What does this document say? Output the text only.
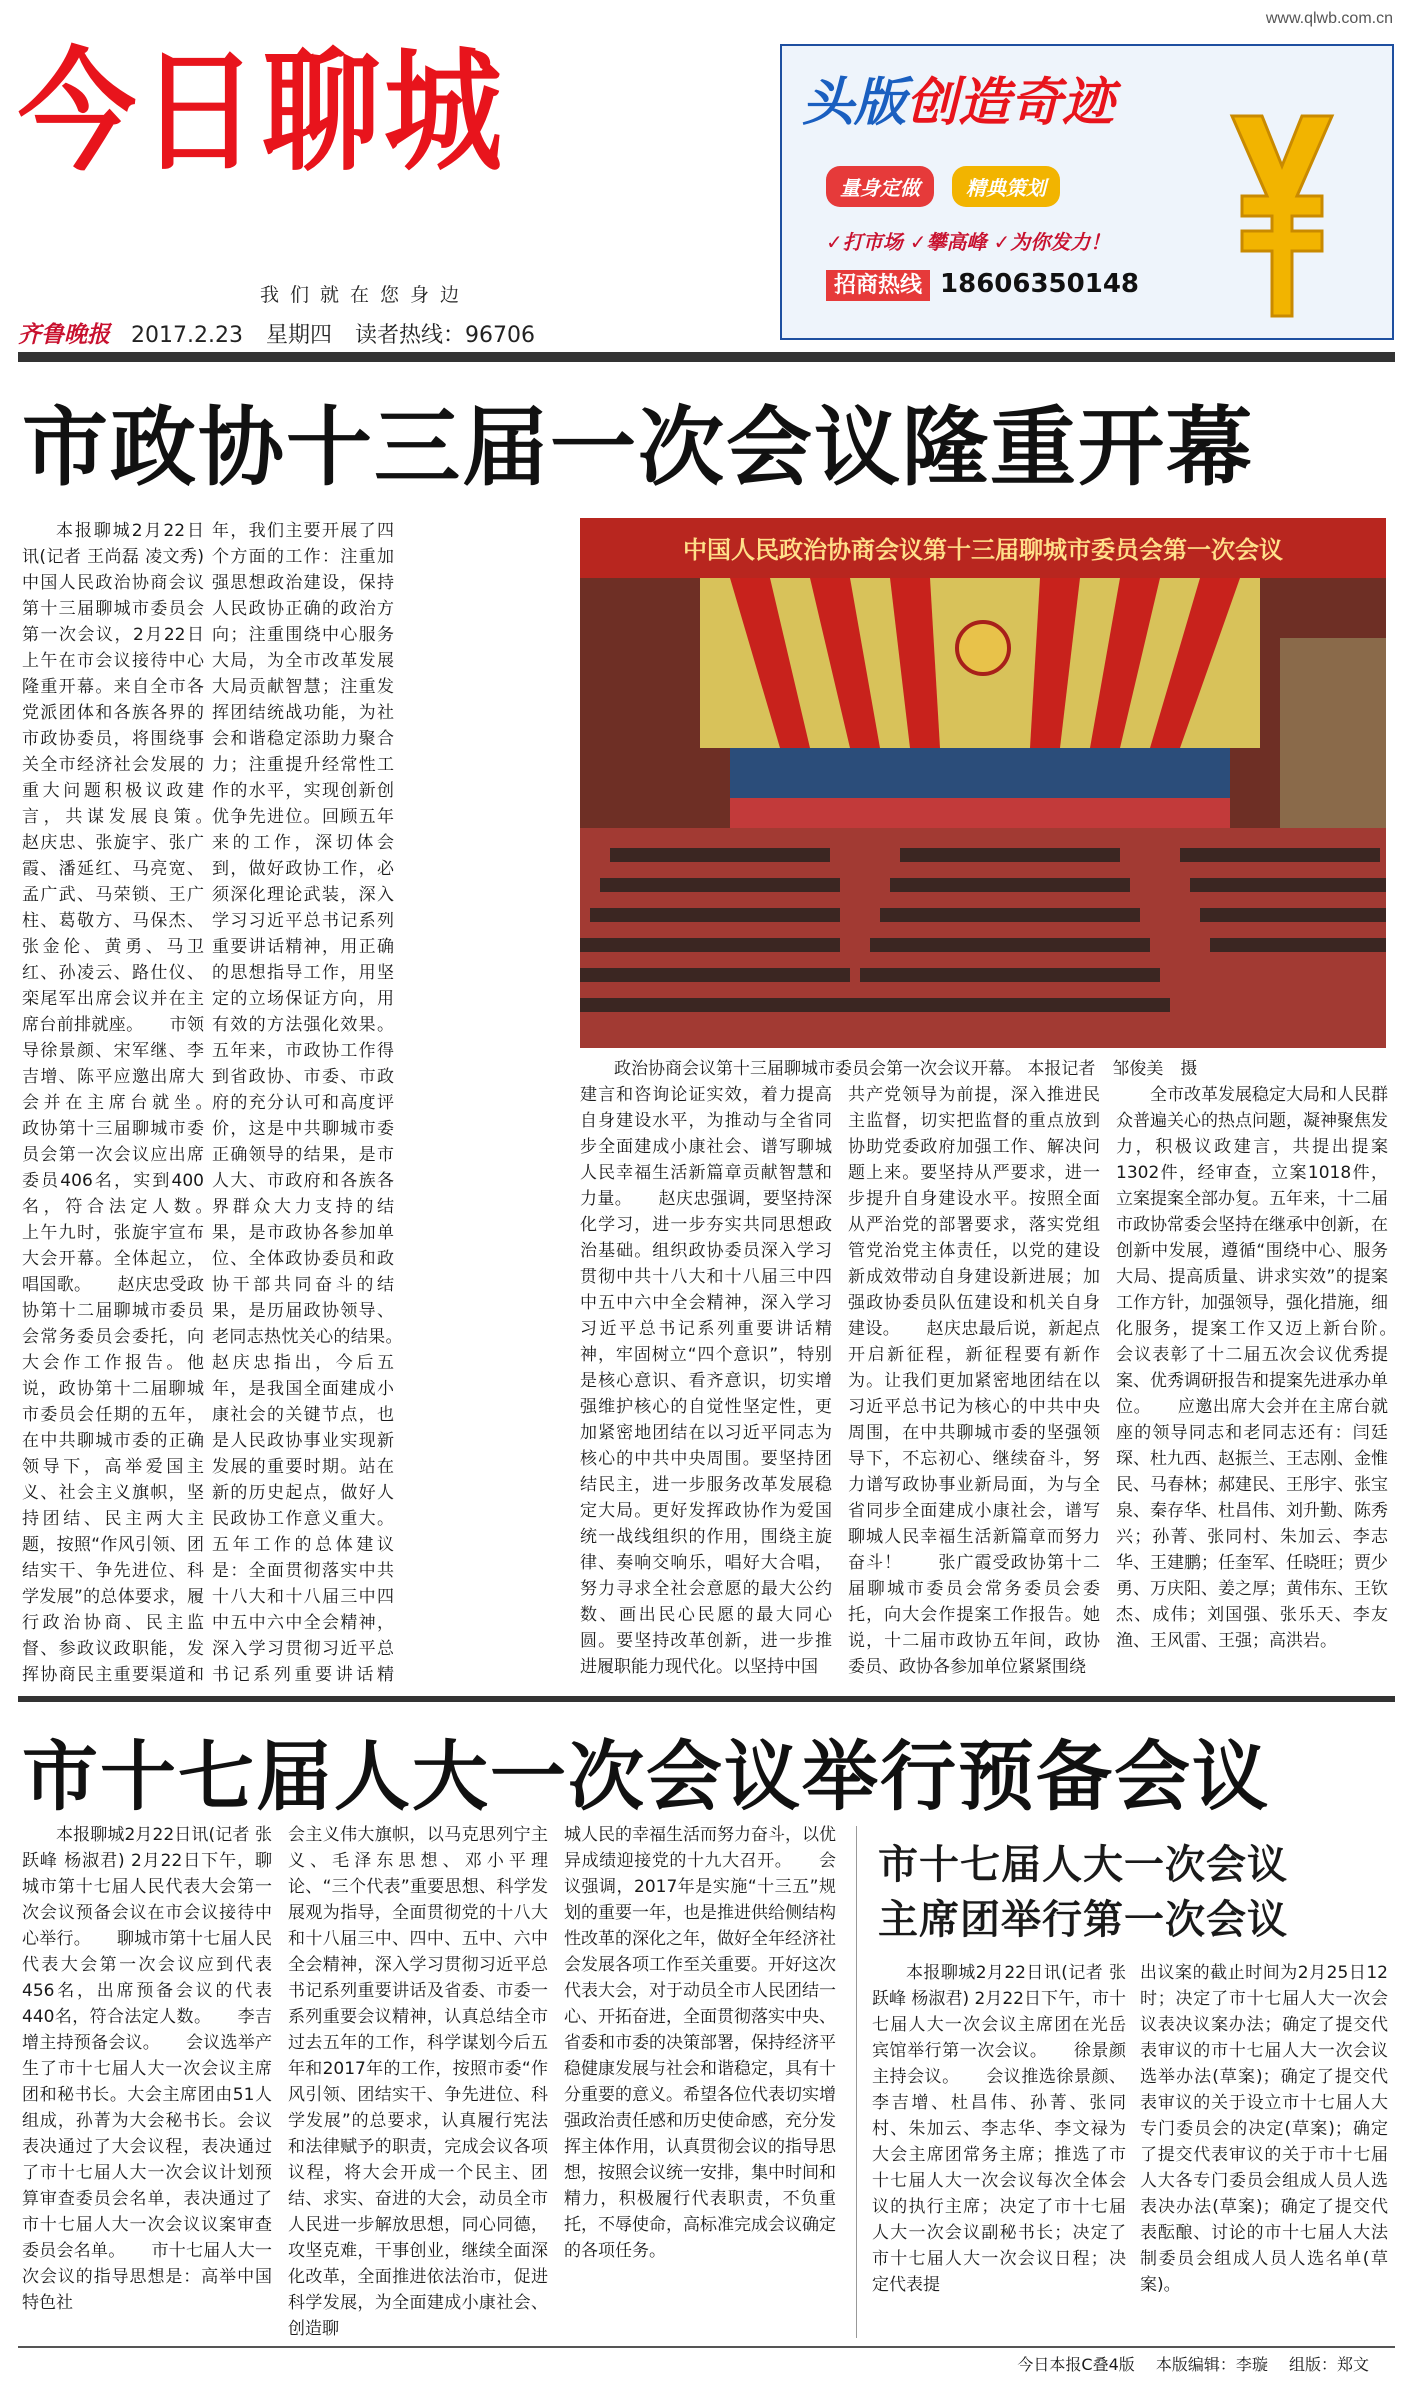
www.qlwb.com.cn
今日聊城
我们就在您身边
齐鲁晚报 2017.2.23 星期四 读者热线：96706
头版创造奇迹
量身定做	精典策划
✓打市场 ✓攀高峰 ✓为你发力！
招商热线 18606350148
市政协十三届一次会议隆重开幕

本报聊城2月22日讯(记者 王尚磊 凌文秀) 中国人民政治协商会议第十三届聊城市委员会第一次会议，2月22日上午在市会议接待中心隆重开幕。来自全市各党派团体和各族各界的市政协委员，将围绕事关全市经济社会发展的重大问题积极议政建言，共谋发展良策。　　赵庆忠、张旋宇、张广霞、潘延红、马亮宽、孟广武、马荣锁、王广柱、葛敬方、马保杰、张金伦、黄勇、马卫红、孙凌云、路仕仪、栾尾军出席会议并在主席台前排就座。　　市领导徐景颜、宋军继、李吉增、陈平应邀出席大会并在主席台就坐。　　政协第十三届聊城市委员会第一次会议应出席委员406名，实到400名，符合法定人数。　　上午九时，张旋宇宣布大会开幕。全体起立，唱国歌。　　赵庆忠受政协第十二届聊城市委员会常务委员会委托，向大会作工作报告。他说，政协第十二届聊城市委员会任期的五年，在中共聊城市委的正确领导下，高举爱国主义、社会主义旗帜，坚持团结、民主两大主题，按照“作风引领、团结实干、争先进位、科学发展”的总体要求，履行政治协商、民主监督、参政议政职能，发挥协商民主重要渠道和　　

年，我们主要开展了四个方面的工作：注重加强思想政治建设，保持人民政协正确的政治方向；注重围绕中心服务大局，为全市改革发展大局贡献智慧；注重发挥团结统战功能，为社会和谐稳定添助力聚合力；注重提升经常性工作的水平，实现创新创优争先进位。回顾五年来的工作，深切体会到，做好政协工作，必须深化理论武装，深入学习习近平总书记系列重要讲话精神，用正确的思想指导工作，用坚定的立场保证方向，用有效的方法强化效果。五年来，市政协工作得到省政协、市委、市政府的充分认可和高度评价，这是中共聊城市委正确领导的结果，是市人大、市政府和各族各界群众大力支持的结果，是市政协各参加单位、全体政协委员和政协干部共同奋斗的结果，是历届政协领导、老同志热忱关心的结果。　　赵庆忠指出，今后五年，是我国全面建成小康社会的关键节点，也是人民政协事业实现新发展的重要时期。站在新的历史起点，做好人民政协工作意义重大。五年工作的总体建议是：全面贯彻落实中共十八大和十八届三中四中五中六中全会精神，深入学习贯彻习近平总书记系列重要讲话精

中国人民政治协商会议第十三届聊城市委员会第一次会议
政治协商会议第十三届聊城市委员会第一次会议开幕。 本报记者　邹俊美　摄

建言和咨询论证实效，着力提高自身建设水平，为推动与全省同步全面建成小康社会、谱写聊城人民幸福生活新篇章贡献智慧和力量。　　赵庆忠强调，要坚持深化学习，进一步夯实共同思想政治基础。组织政协委员深入学习贯彻中共十八大和十八届三中四中五中六中全会精神，深入学习习近平总书记系列重要讲话精神，牢固树立“四个意识”，特别是核心意识、看齐意识，切实增强维护核心的自觉性坚定性，更加紧密地团结在以习近平同志为核心的中共中央周围。要坚持团结民主，进一步服务改革发展稳定大局。更好发挥政协作为爱国统一战线组织的作用，围绕主旋律、奏响交响乐，唱好大合唱，努力寻求全社会意愿的最大公约数、画出民心民愿的最大同心圆。要坚持改革创新，进一步推进履职能力现代化。以坚持中国

共产党领导为前提，深入推进民主监督，切实把监督的重点放到协助党委政府加强工作、解决问题上来。要坚持从严要求，进一步提升自身建设水平。按照全面从严治党的部署要求，落实党组管党治党主体责任，以党的建设新成效带动自身建设新进展；加强政协委员队伍建设和机关自身建设。　　赵庆忠最后说，新起点开启新征程，新征程要有新作为。让我们更加紧密地团结在以习近平总书记为核心的中共中央周围，在中共聊城市委的坚强领导下，不忘初心、继续奋斗，努力谱写政协事业新局面，为与全省同步全面建成小康社会，谱写聊城人民幸福生活新篇章而努力奋斗！　　张广霞受政协第十二届聊城市委员会常务委员会委托，向大会作提案工作报告。她说，十二届市政协五年间，政协委员、政协各参加单位紧紧围绕

全市改革发展稳定大局和人民群众普遍关心的热点问题，凝神聚焦发力，积极议政建言，共提出提案1302件，经审查，立案1018件，立案提案全部办复。五年来，十二届市政协常委会坚持在继承中创新，在创新中发展，遵循“围绕中心、服务大局、提高质量、讲求实效”的提案工作方针，加强领导，强化措施，细化服务，提案工作又迈上新台阶。　　会议表彰了十二届五次会议优秀提案、优秀调研报告和提案先进承办单位。　　应邀出席大会并在主席台就座的领导同志和老同志还有：闫廷琛、杜九西、赵振兰、王志刚、金惟民、马春林；郝建民、王彤宇、张宝泉、秦存华、杜昌伟、刘升勤、陈秀兴；孙菁、张同村、朱加云、李志华、王建鹏；任奎军、任晓旺；贾少勇、万庆阳、姜之厚；黄伟东、王钦杰、成伟；刘国强、张乐天、李友渔、王风雷、王强；高洪岩。

市十七届人大一次会议举行预备会议

本报聊城2月22日讯(记者 张跃峰 杨淑君) 2月22日下午，聊城市第十七届人民代表大会第一次会议预备会议在市会议接待中心举行。　　聊城市第十七届人民代表大会第一次会议应到代表456名，出席预备会议的代表440名，符合法定人数。　　李吉增主持预备会议。　　会议选举产生了市十七届人大一次会议主席团和秘书长。大会主席团由51人组成，孙菁为大会秘书长。会议表决通过了大会议程，表决通过了市十七届人大一次会议计划预算审查委员会名单，表决通过了市十七届人大一次会议议案审查委员会名单。　　市十七届人大一次会议的指导思想是：高举中国特色社

会主义伟大旗帜，以马克思列宁主义、毛泽东思想、邓小平理论、“三个代表”重要思想、科学发展观为指导，全面贯彻党的十八大和十八届三中、四中、五中、六中全会精神，深入学习贯彻习近平总书记系列重要讲话及省委、市委一系列重要会议精神，认真总结全市过去五年的工作，科学谋划今后五年和2017年的工作，按照市委“作风引领、团结实干、争先进位、科学发展”的总要求，认真履行宪法和法律赋予的职责，完成会议各项议程，将大会开成一个民主、团结、求实、奋进的大会，动员全市人民进一步解放思想，同心同德，攻坚克难，干事创业，继续全面深化改革，全面推进依法治市，促进科学发展，为全面建成小康社会、创造聊

城人民的幸福生活而努力奋斗，以优异成绩迎接党的十九大召开。　　会议强调，2017年是实施“十三五”规划的重要一年，也是推进供给侧结构性改革的深化之年，做好全年经济社会发展各项工作至关重要。开好这次代表大会，对于动员全市人民团结一心、开拓奋进，全面贯彻落实中央、省委和市委的决策部署，保持经济平稳健康发展与社会和谐稳定，具有十分重要的意义。希望各位代表切实增强政治责任感和历史使命感，充分发挥主体作用，认真贯彻会议的指导思想，按照会议统一安排，集中时间和精力，积极履行代表职责，不负重托，不辱使命，高标准完成会议确定的各项任务。

市十七届人大一次会议
主席团举行第一次会议

本报聊城2月22日讯(记者 张跃峰 杨淑君) 2月22日下午，市十七届人大一次会议主席团在光岳宾馆举行第一次会议。　　徐景颜主持会议。　　会议推选徐景颜、李吉增、杜昌伟、孙菁、张同村、朱加云、李志华、李文禄为大会主席团常务主席；推选了市十七届人大一次会议每次全体会议的执行主席；决定了市十七届人大一次会议副秘书长；决定了市十七届人大一次会议日程；决定代表提

出议案的截止时间为2月25日12时；决定了市十七届人大一次会议表决议案办法；确定了提交代表审议的市十七届人大一次会议选举办法(草案)；确定了提交代表审议的关于设立市十七届人大专门委员会的决定(草案)；确定了提交代表审议的关于市十七届人大各专门委员会组成人员人选表决办法(草案)；确定了提交代表酝酿、讨论的市十七届人大法制委员会组成人员人选名单(草案)。

今日本报C叠4版 本版编辑：李璇 组版：郑文
